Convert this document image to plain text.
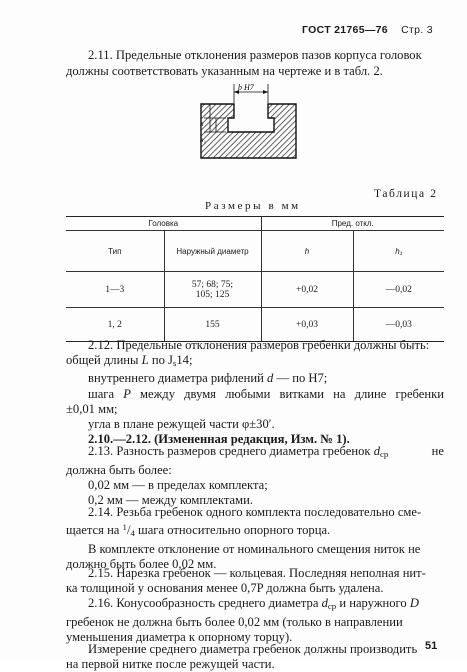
ГОСТ 21765—76 Стр. 3
2.11. Предельные отклонения размеров пазов корпуса головок
должны соответствовать указанным на чертеже и в табл. 2.
b H7
h
h₁
Таблица 2
Размеры в мм
Головка		Пред. откл.	
Тип	Наружный диаметр	h	h₁
1—3	57; 68; 75;
105; 125	+0,02	—0,02
1, 2	155	+0,03	—0,03
2.12. Предельные отклонения размеров гребенки должны быть:
общей длины L по $J_s14$;
внутреннего диаметра рифлений d — по H7;
шага P между двумя любыми витками на длине гребенки
±0,01 мм;
угла в плане режущей части φ±30′.
2.10.—2.12. (Измененная редакция, Изм. № 1).
2.13. Разность размеров среднего диаметра гребенок $d_{ср}$	не
должна быть более:
0,02 мм — в пределах комплекта;
0,2 мм — между комплектами.
2.14. Резьба гребенок одного комплекта последовательно сме-
щается на $^1/_4$ шага относительно опорного торца.
В комплекте отклонение от номинального смещения ниток не
должно быть более 0,02 мм.
2.15. Нарезка гребенок — кольцевая. Последняя неполная нит-
ка толщиной у основания менее 0,7P должна быть удалена.
2.16. Конусообразность среднего диаметра $d_{ср}$ и наружного D
гребенок не должна быть более 0,02 мм (только в направлении
уменьшения диаметра к опорному торцу).
Измерение среднего диаметра гребенок должны производить
на первой нитке после режущей части.
51
